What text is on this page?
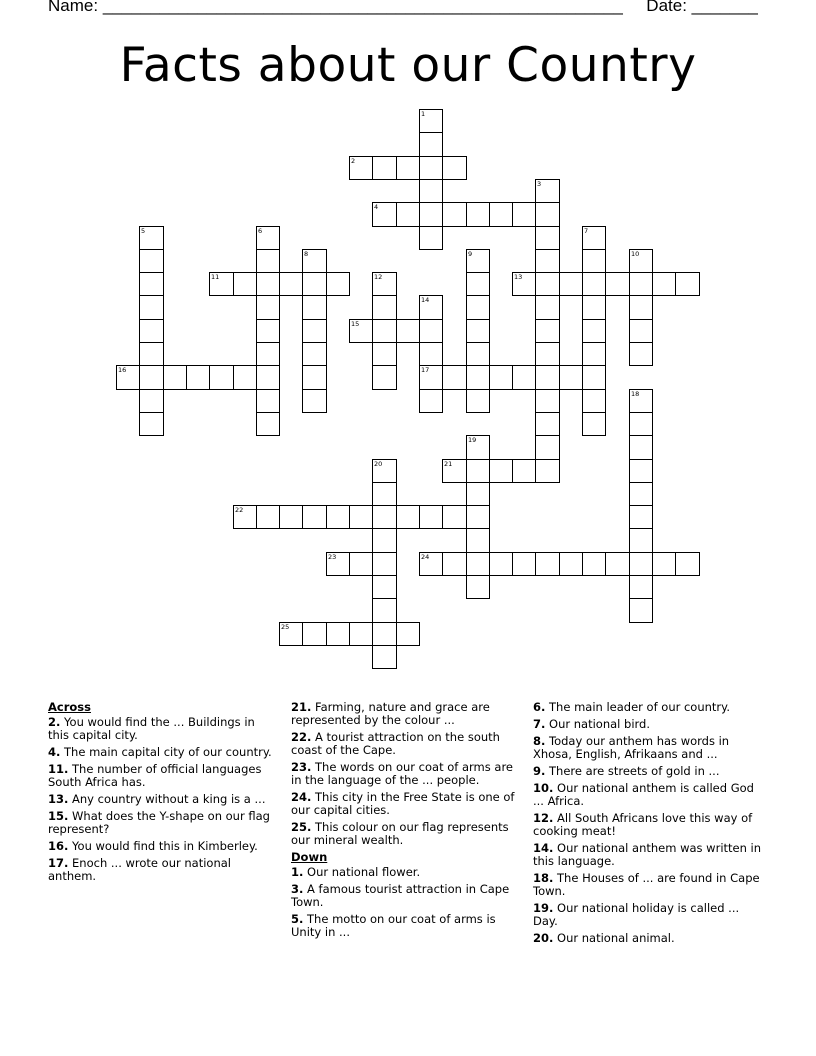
Name: _______________________________________________________ Date: _______
Facts about our Country
1
2
3
4
5	6	7
8	9	10
11	12	13
14
17
15
16
18
19
20	21
22
23	24
25
Across
2. You would find the ... Buildings in this capital city.
4. The main capital city of our country.
11. The number of official languages South Africa has.
13. Any country without a king is a ...
15. What does the Y-shape on our flag represent?
16. You would find this in Kimberley.
17. Enoch ... wrote our national anthem.
21. Farming, nature and grace are represented by the colour ...
22. A tourist attraction on the south coast of the Cape.
23. The words on our coat of arms are in the language of the ... people.
24. This city in the Free State is one of our capital cities.
25. This colour on our flag represents our mineral wealth.
Down
1. Our national flower.
3. A famous tourist attraction in Cape Town.
5. The motto on our coat of arms is Unity in ...
6. The main leader of our country.
7. Our national bird.
8. Today our anthem has words in Xhosa, English, Afrikaans and ...
9. There are streets of gold in ...
10. Our national anthem is called God ... Africa.
12. All South Africans love this way of cooking meat!
14. Our national anthem was written in this language.
18. The Houses of ... are found in Cape Town.
19. Our national holiday is called ... Day.
20. Our national animal.
